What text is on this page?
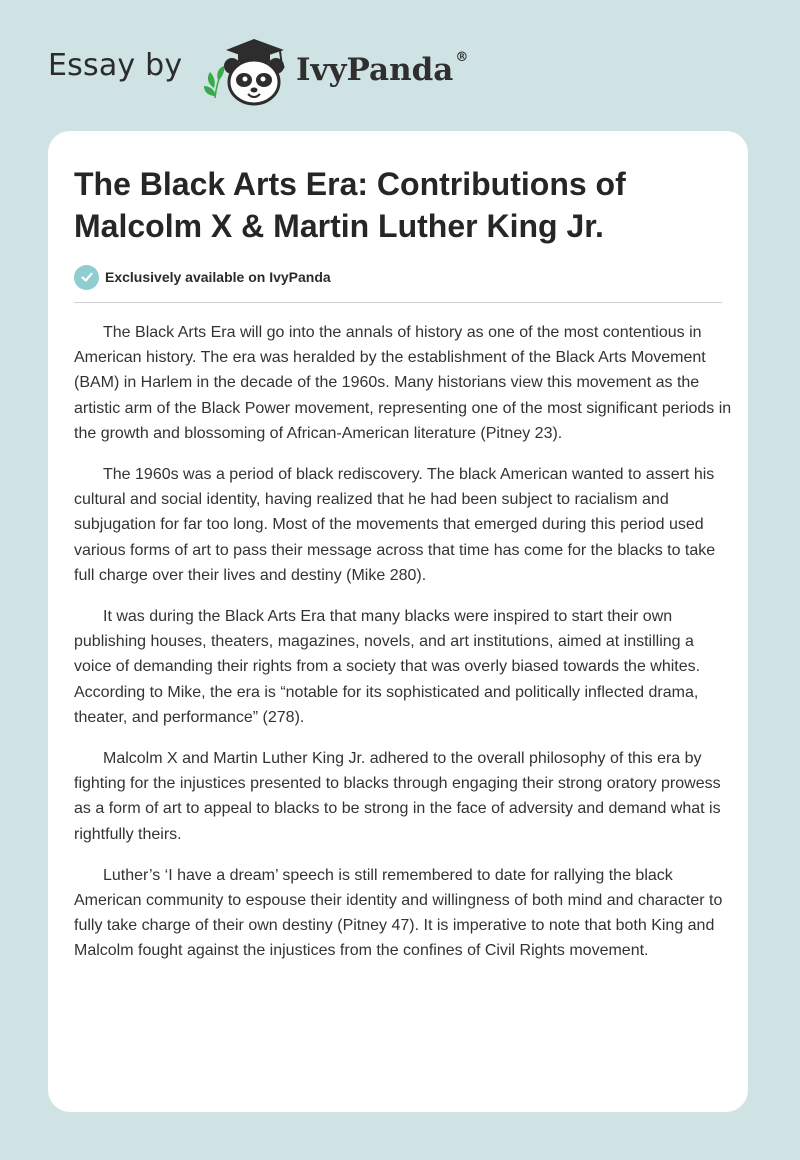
Essay by	IvyPanda ®
The Black Arts Era: Contributions of Malcolm X & Martin Luther King Jr.
Exclusively available on IvyPanda

The Black Arts Era will go into the annals of history as one of the most contentious in American history. The era was heralded by the establishment of the Black Arts Movement (BAM) in Harlem in the decade of the 1960s. Many historians view this movement as the artistic arm of the Black Power movement, representing one of the most significant periods in the growth and blossoming of African-American literature (Pitney 23).

The 1960s was a period of black rediscovery. The black American wanted to assert his cultural and social identity, having realized that he had been subject to racialism and subjugation for far too long. Most of the movements that emerged during this period used various forms of art to pass their message across that time has come for the blacks to take full charge over their lives and destiny (Mike 280).

It was during the Black Arts Era that many blacks were inspired to start their own publishing houses, theaters, magazines, novels, and art institutions, aimed at instilling a voice of demanding their rights from a society that was overly biased towards the whites. According to Mike, the era is “notable for its sophisticated and politically inflected drama, theater, and performance” (278).

Malcolm X and Martin Luther King Jr. adhered to the overall philosophy of this era by fighting for the injustices presented to blacks through engaging their strong oratory prowess as a form of art to appeal to blacks to be strong in the face of adversity and demand what is rightfully theirs.

Luther’s ‘I have a dream’ speech is still remembered to date for rallying the black American community to espouse their identity and willingness of both mind and character to fully take charge of their own destiny (Pitney 47). It is imperative to note that both King and Malcolm fought against the injustices from the confines of Civil Rights movement.
